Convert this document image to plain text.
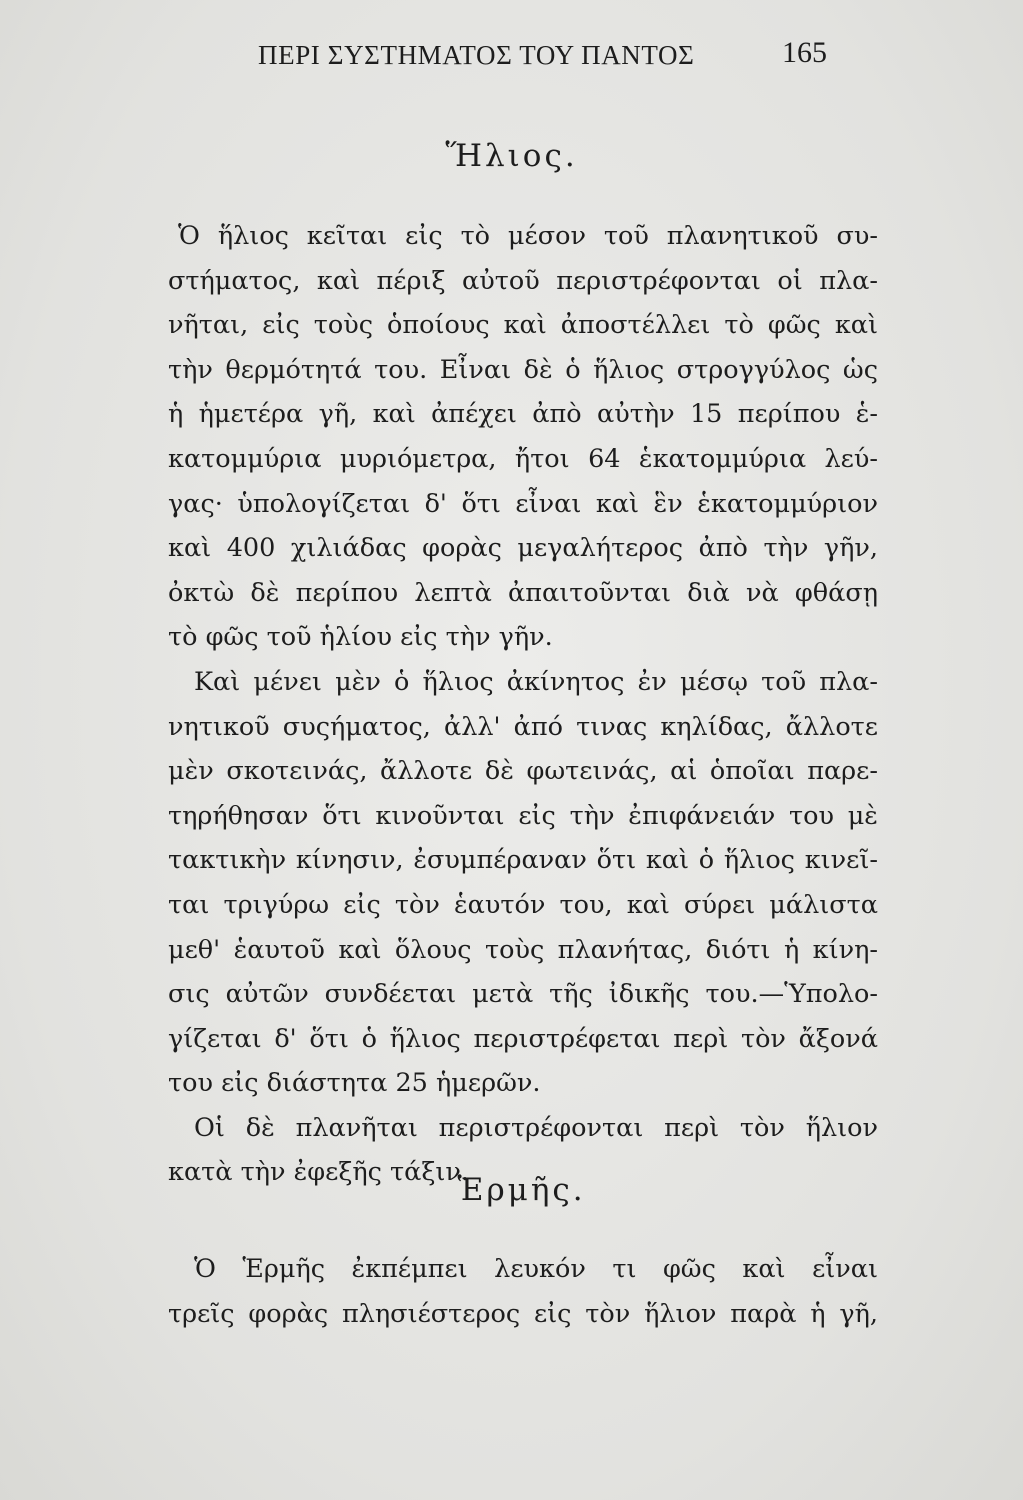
ΠΕΡΙ ΣΥΣΤΗΜΑΤΟΣ ΤΟΥ ΠΑΝΤΟΣ	165
Ἥλιος.
Ὁ ἥλιος κεῖται εἰς τὸ μέσον τοῦ πλανητικοῦ συ-
στήματος, καὶ πέριξ αὐτοῦ περιστρέφονται οἱ πλα-
νῆται, εἰς τοὺς ὁποίους καὶ ἀποστέλλει τὸ φῶς καὶ
τὴν θερμότητά του. Εἶναι δὲ ὁ ἥλιος στρογγύλος ὡς
ἡ ἡμετέρα γῆ, καὶ ἀπέχει ἀπὸ αὐτὴν 15 περίπου ἑ-
κατομμύρια μυριόμετρα, ἤτοι 64 ἑκατομμύρια λεύ-
γας· ὑπολογίζεται δ' ὅτι εἶναι καὶ ἓν ἑκατομμύριον
καὶ 400 χιλιάδας φορὰς μεγαλήτερος ἀπὸ τὴν γῆν,
ὀκτὼ δὲ περίπου λεπτὰ ἀπαιτοῦνται διὰ νὰ φθάσῃ
τὸ φῶς τοῦ ἡλίου εἰς τὴν γῆν.
Καὶ μένει μὲν ὁ ἥλιος ἀκίνητος ἐν μέσῳ τοῦ πλα-
νητικοῦ συςήματος, ἀλλ' ἀπό τινας κηλίδας, ἄλλοτε
μὲν σκοτεινάς, ἄλλοτε δὲ φωτεινάς, αἱ ὁποῖαι παρε-
τηρήθησαν ὅτι κινοῦνται εἰς τὴν ἐπιφάνειάν του μὲ
τακτικὴν κίνησιν, ἐσυμπέραναν ὅτι καὶ ὁ ἥλιος κινεῖ-
ται τριγύρω εἰς τὸν ἑαυτόν του, καὶ σύρει μάλιστα
μεθ' ἑαυτοῦ καὶ ὅλους τοὺς πλανήτας, διότι ἡ κίνη-
σις αὐτῶν συνδέεται μετὰ τῆς ἰδικῆς του.—Ὑπολο-
γίζεται δ' ὅτι ὁ ἥλιος περιστρέφεται περὶ τὸν ἄξονά
του εἰς διάστητα 25 ἡμερῶν.
Οἱ δὲ πλανῆται περιστρέφονται περὶ τὸν ἥλιον
κατὰ τὴν ἐφεξῆς τάξιν.
Ἑρμῆς.
Ὁ Ἑρμῆς ἐκπέμπει λευκόν τι φῶς καὶ εἶναι
τρεῖς φορὰς πλησιέστερος εἰς τὸν ἥλιον παρὰ ἡ γῆ,
